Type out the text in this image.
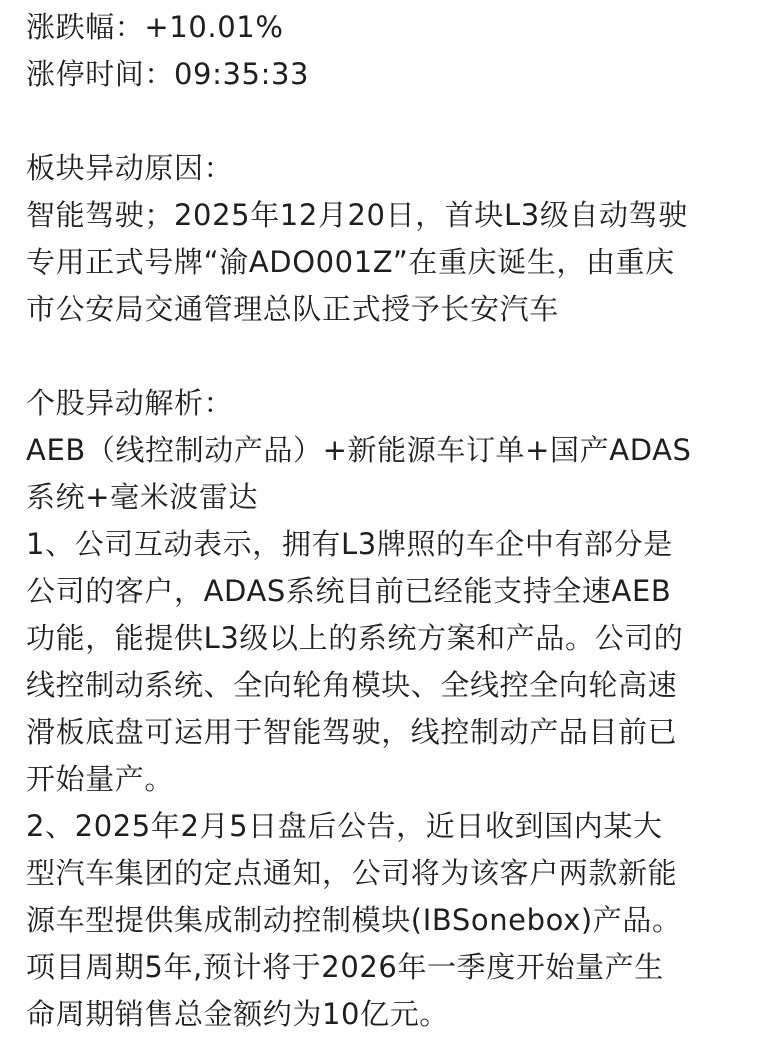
涨跌幅：+10.01%
涨停时间：09:35:33
板块异动原因：
智能驾驶；2025年12月20日，首块L3级自动驾驶
专用正式号牌“渝ADO001Z”在重庆诞生，由重庆
市公安局交通管理总队正式授予长安汽车
个股异动解析：
AEB（线控制动产品）+新能源车订单+国产ADAS
系统+毫米波雷达
1、公司互动表示，拥有L3牌照的车企中有部分是
公司的客户，ADAS系统目前已经能支持全速AEB
功能，能提供L3级以上的系统方案和产品。公司的
线控制动系统、全向轮角模块、全线控全向轮高速
滑板底盘可运用于智能驾驶，线控制动产品目前已
开始量产。
2、2025年2月5日盘后公告，近日收到国内某大
型汽车集团的定点通知，公司将为该客户两款新能
源车型提供集成制动控制模块(IBSonebox)产品。
项目周期5年,预计将于2026年一季度开始量产生
命周期销售总金额约为10亿元。
